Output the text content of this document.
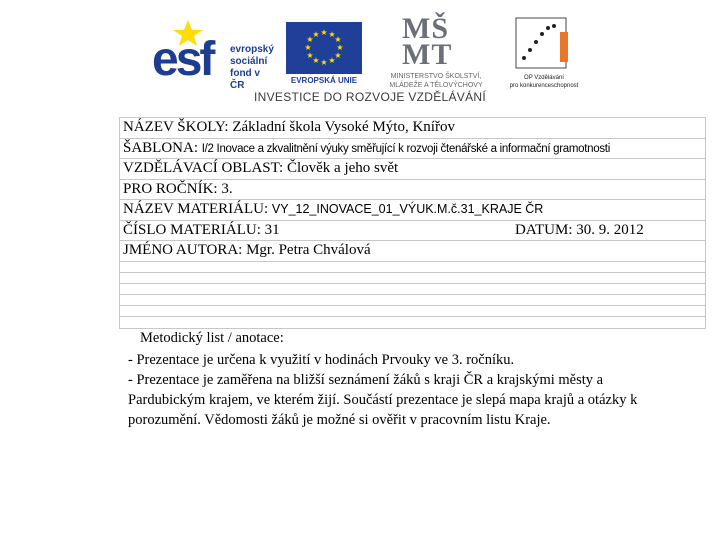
esf evropský
sociální
fond v ČR
★ ★
★
★
★
★
★
★
★
★
★
★
EVROPSKÁ UNIE
MŠ
MT
MINISTERSTVO ŠKOLSTVÍ,
MLÁDEŽE A TĚLOVÝCHOVY
OP Vzdělávání
pro konkurenceschopnost
INVESTICE DO ROZVOJE VZDĚLÁVÁNÍ
NÁZEV ŠKOLY: Základní škola Vysoké Mýto, Knířov
ŠABLONA: I/2 Inovace a zkvalitnění výuky směřující k rozvoji čtenářské a informační gramotnosti
VZDĚLÁVACÍ OBLAST: Člověk a jeho svět
PRO ROČNÍK: 3.
NÁZEV MATERIÁLU: VY_12_INOVACE_01_VÝUK.M.č.31_KRAJE ČR
ČÍSLO MATERIÁLU: 31	DATUM: 30. 9. 2012
JMÉNO AUTORA: Mgr. Petra Chválová
Metodický list / anotace:

- Prezentace je určena k využití v hodinách Prvouky ve 3. ročníku.

- Prezentace je zaměřena na bližší seznámení žáků s kraji ČR a krajskými městy a Pardubickým krajem, ve kterém žijí. Součástí prezentace je slepá mapa krajů a otázky k porozumění. Vědomosti žáků je možné si ověřit v pracovním listu Kraje.
